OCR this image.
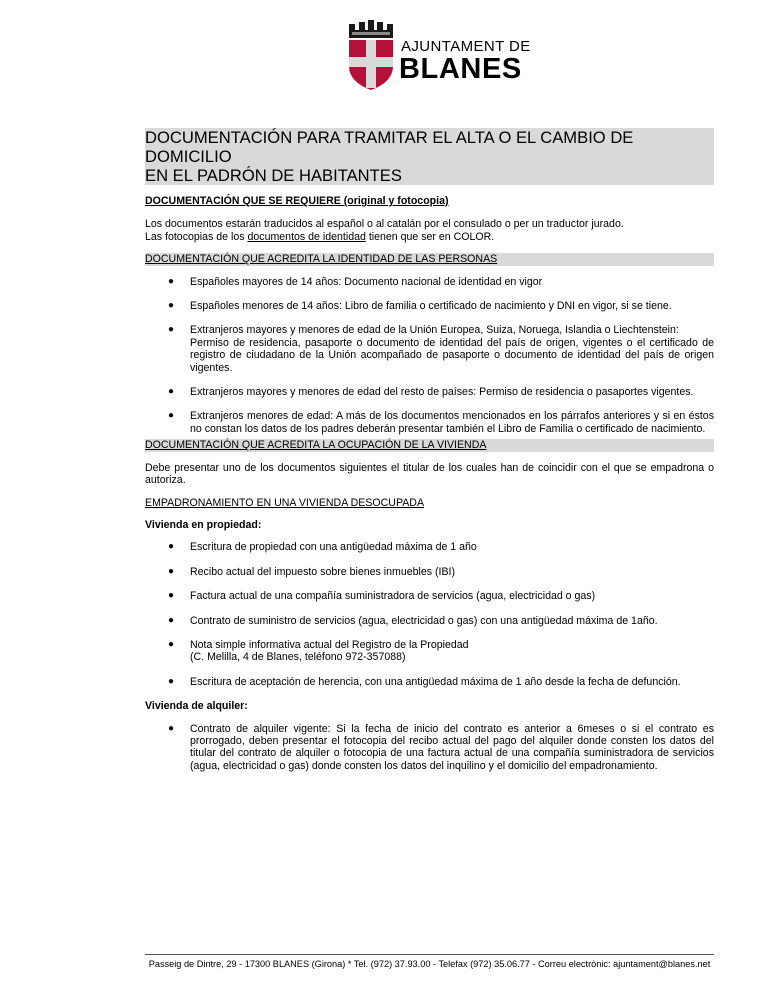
AJUNTAMENT DE
BLANES
DOCUMENTACIÓN PARA TRAMITAR EL ALTA O EL CAMBIO DE DOMICILIO
EN EL PADRÓN DE HABITANTES
DOCUMENTACIÓN QUE SE REQUIERE (original y fotocopia)
Los documentos estarán traducidos al español o al catalán por el consulado o per un traductor jurado.
Las fotocopias de los documentos de identidad tienen que ser en COLOR.
DOCUMENTACIÓN QUE ACREDITA LA IDENTIDAD DE LAS PERSONAS
● Españoles mayores de 14 años: Documento nacional de identidad en vigor
● Españoles menores de 14 años: Libro de familia o certificado de nacimiento y DNI en vigor, si se tiene.
● Extranjeros mayores y menores de edad de la Unión Europea, Suiza, Noruega, Islandia o Liechtenstein:
Permiso de residencia, pasaporte o documento de identidad del país de origen, vigentes o el certificado de registro de ciudadano de la Unión acompañado de pasaporte o documento de identidad del país de origen vigentes.
● Extranjeros mayores y menores de edad del resto de países: Permiso de residencia o pasaportes vigentes.
● Extranjeros menores de edad: A más de los documentos mencionados en los párrafos anteriores y si en éstos no constan los datos de los padres deberán presentar también el Libro de Familia o certificado de nacimiento.
DOCUMENTACIÓN QUE ACREDITA LA OCUPACIÓN DE LA VIVIENDA
Debe presentar uno de los documentos siguientes el titular de los cuales han de coincidir con el que se empadrona o autoriza.
EMPADRONAMIENTO EN UNA VIVIENDA DESOCUPADA
Vivienda en propiedad:
● Escritura de propiedad con una antigüedad máxima de 1 año
● Recibo actual del impuesto sobre bienes inmuebles (IBI)
● Factura actual de una compañía suministradora de servicios (agua, electricidad o gas)
● Contrato de suministro de servicios (agua, electricidad o gas) con una antigüedad máxima de 1año.
● Nota simple informativa actual del Registro de la Propiedad
(C. Melilla, 4 de Blanes, teléfono 972-357088)
● Escritura de aceptación de herencia, con una antigüedad máxima de 1 año desde la fecha de defunción.
Vivienda de alquiler:
● Contrato de alquiler vigente: Si la fecha de inicio del contrato es anterior a 6meses o si el contrato es prorrogado, deben presentar el fotocopia del recibo actual del pago del alquiler donde consten los datos del titular del contrato de alquiler o fotocopia de una factura actual de una compañía suministradora de servicios (agua, electricidad o gas) donde consten los datos del inquilino y el domicilio del empadronamiento.
Passeig de Dintre, 29 - 17300 BLANES (Girona) * Tel. (972) 37.93.00 - Telefax (972) 35.06.77 - Correu electrònic: ajuntament@blanes.net
